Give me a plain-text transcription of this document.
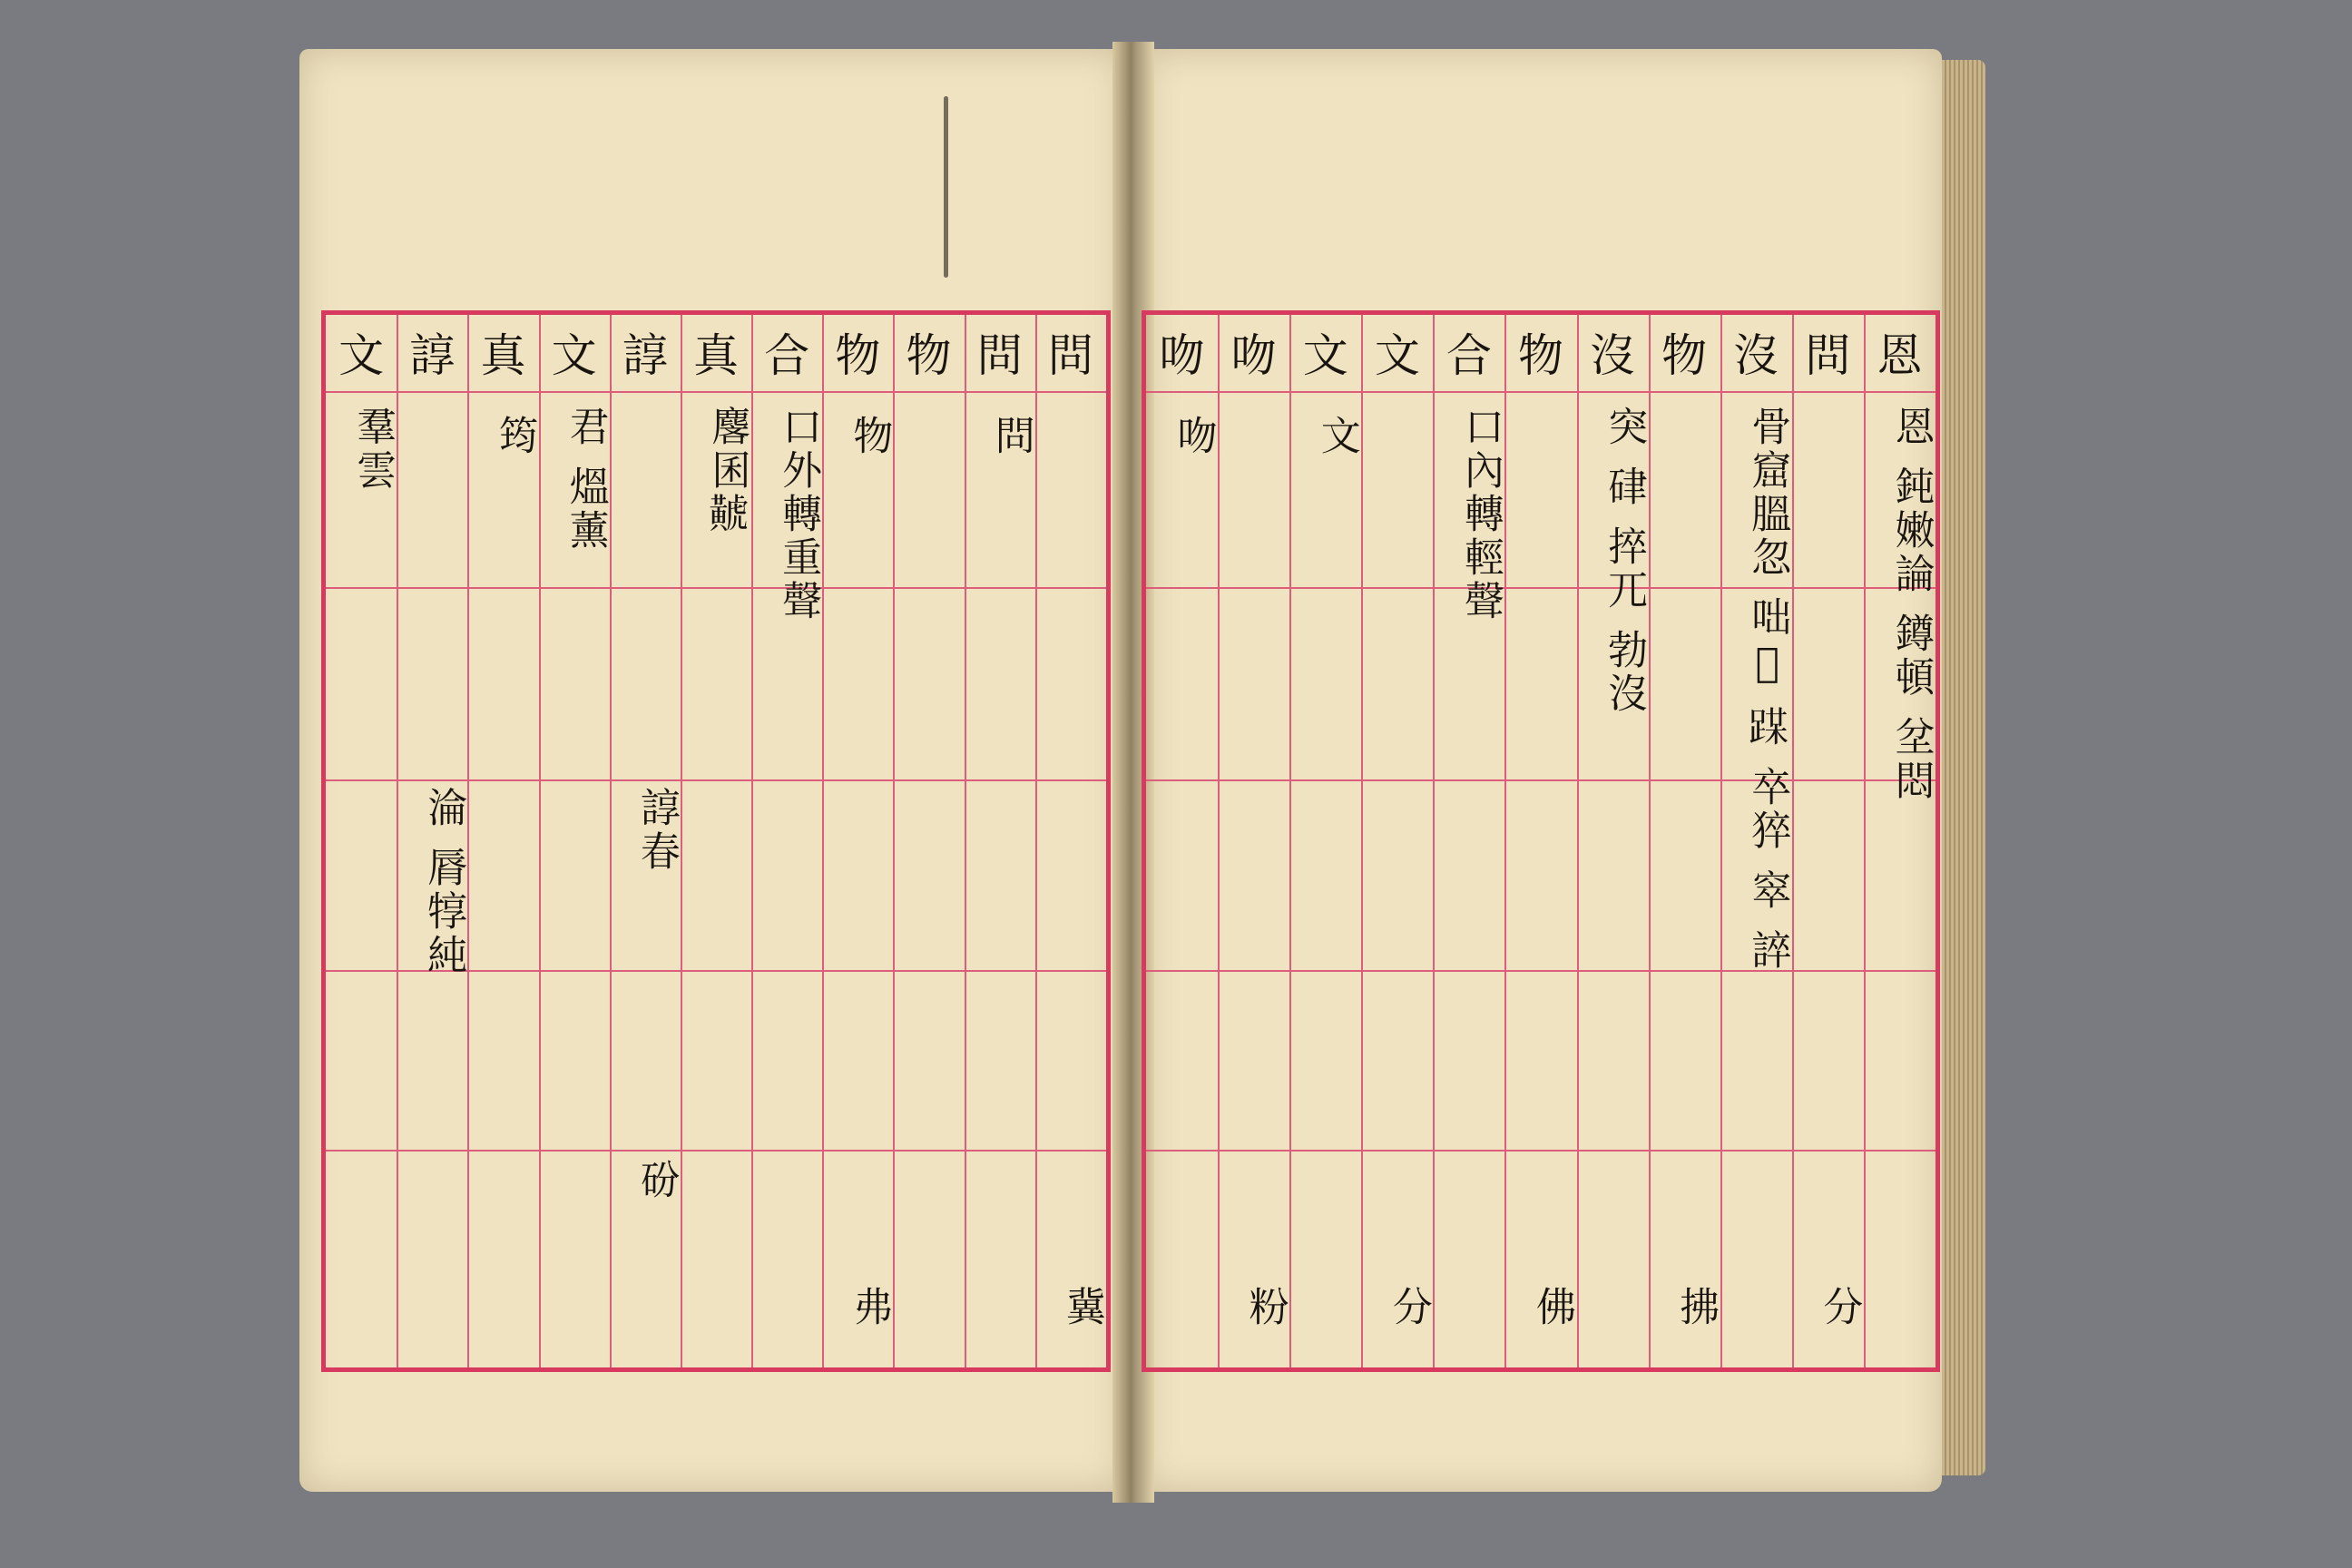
問
問
物
物
合
真
諄
文
真
諄
文
冀
問
物
弗
口外轉重聲
麐囷𪏐
諄春
砏
君 熅薰
筠
淪 脣犉純
羣雲
恩
問
沒
物
沒
物
合
文
文
吻
吻
恩 鈍嫩論 鐏頓 坌悶
分
骨窟膃忽 咄𡊖 𨂏 卒猝 窣 誶
拂
突 硉 捽兀 勃沒
佛
口內轉輕聲
分
文
粉
吻
